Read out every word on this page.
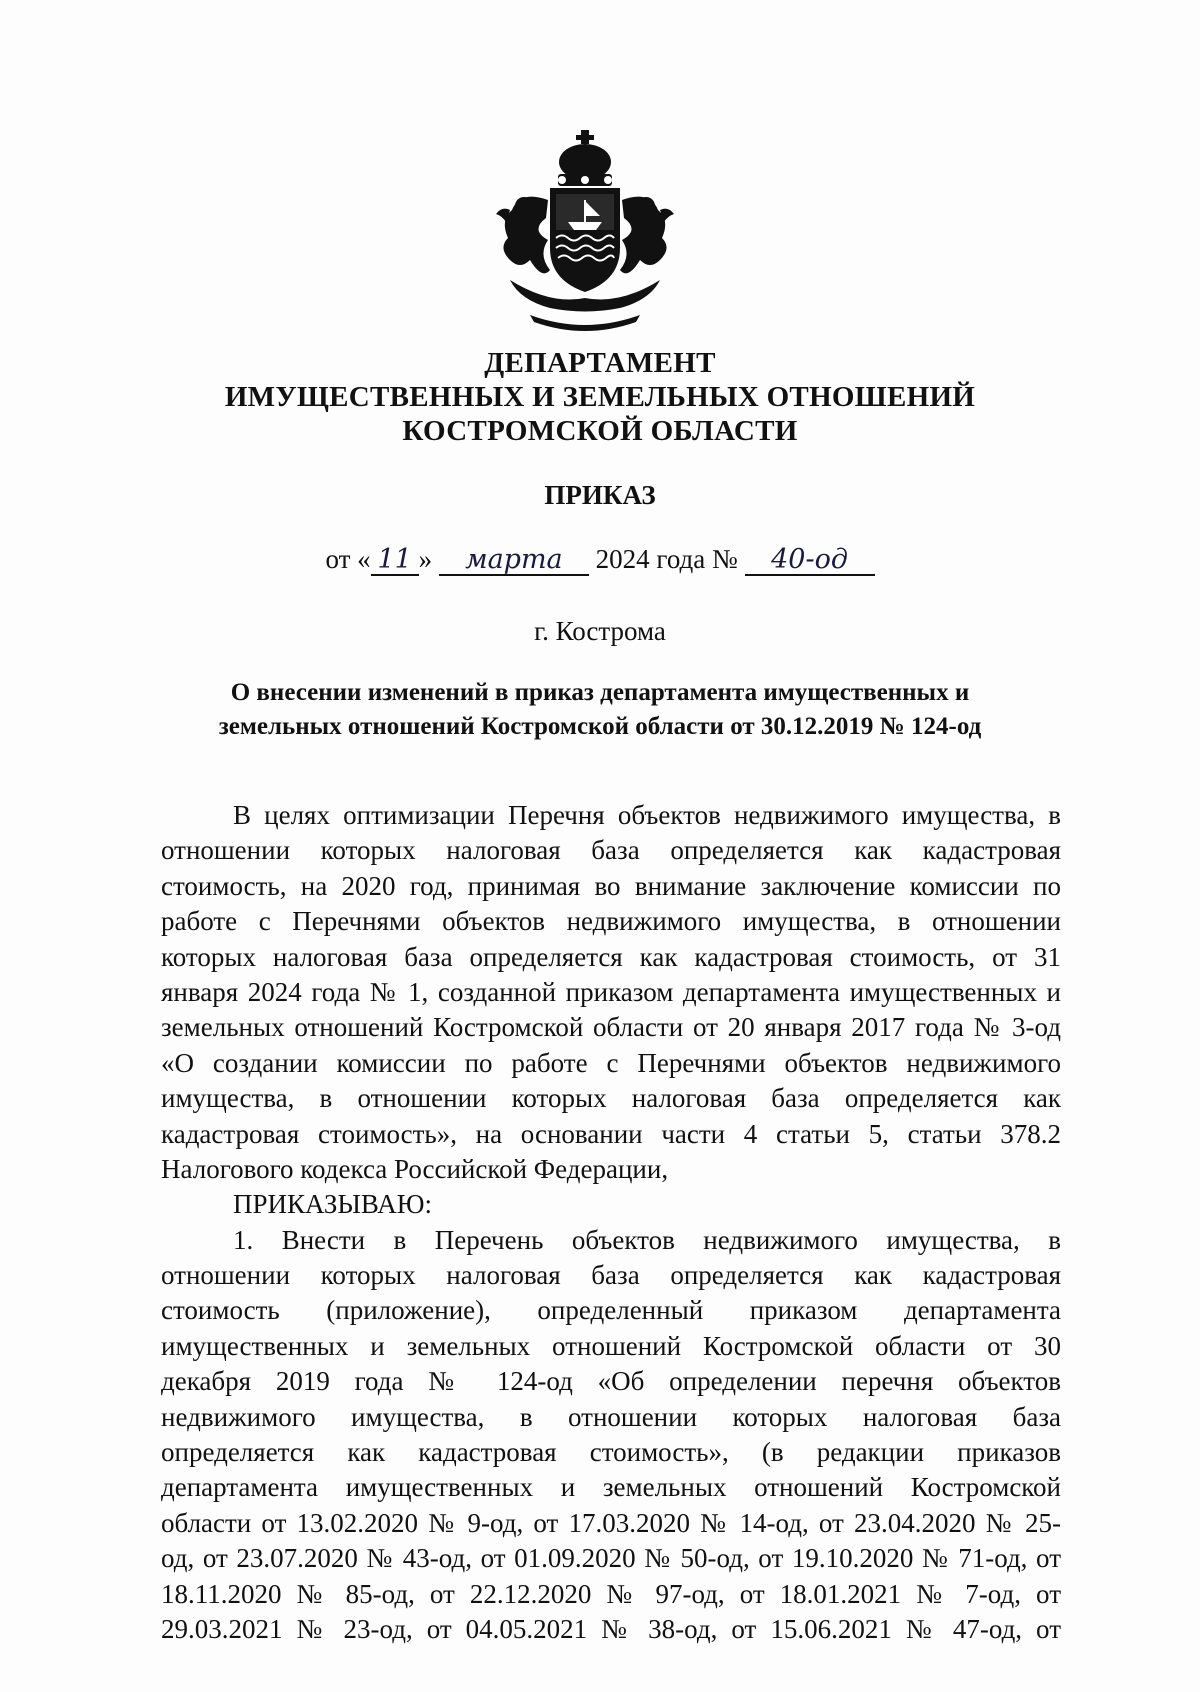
ДЕПАРТАМЕНТ
ИМУЩЕСТВЕННЫХ И ЗЕМЕЛЬНЫХ ОТНОШЕНИЙ
КОСТРОМСКОЙ ОБЛАСТИ
ПРИКАЗ
от « 11 » марта 2024 года № 40-од
г. Кострома
О внесении изменений в приказ департамента имущественных и
земельных отношений Костромской области от 30.12.2019 № 124-од
В целях оптимизации Перечня объектов недвижимого имущества, в
отношении которых налоговая база определяется как кадастровая
стоимость, на 2020 год, принимая во внимание заключение комиссии по
работе с Перечнями объектов недвижимого имущества, в отношении
которых налоговая база определяется как кадастровая стоимость, от 31
января 2024 года № 1, созданной приказом департамента имущественных и
земельных отношений Костромской области от 20 января 2017 года № 3-од
«О создании комиссии по работе с Перечнями объектов недвижимого
имущества, в отношении которых налоговая база определяется как
кадастровая стоимость», на основании части 4 статьи 5, статьи 378.2
Налогового кодекса Российской Федерации,
ПРИКАЗЫВАЮ:
1. Внести в Перечень объектов недвижимого имущества, в
отношении которых налоговая база определяется как кадастровая
стоимость (приложение), определенный приказом департамента
имущественных и земельных отношений Костромской области от 30
декабря 2019 года № 124-од «Об определении перечня объектов
недвижимого имущества, в отношении которых налоговая база
определяется как кадастровая стоимость», (в редакции приказов
департамента имущественных и земельных отношений Костромской
области от 13.02.2020 № 9-од, от 17.03.2020 № 14-од, от 23.04.2020 № 25-
од, от 23.07.2020 № 43-од, от 01.09.2020 № 50-од, от 19.10.2020 № 71-од, от
18.11.2020 № 85-од, от 22.12.2020 № 97-од, от 18.01.2021 № 7-од, от
29.03.2021 № 23-од, от 04.05.2021 № 38-од, от 15.06.2021 № 47-од, от
